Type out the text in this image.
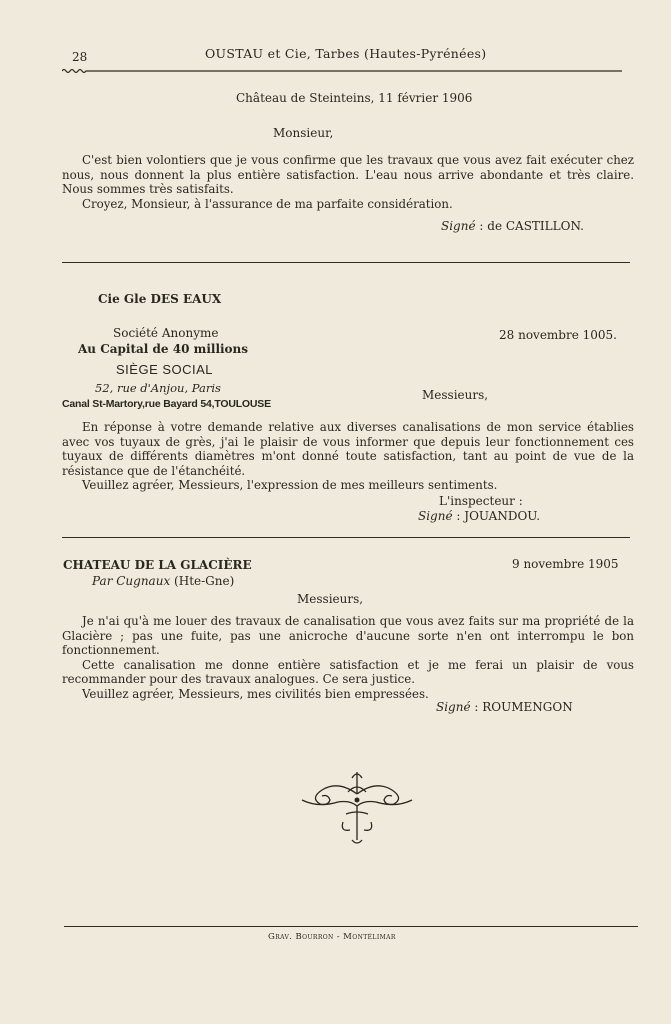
28	OUSTAU et Cie, Tarbes (Hautes-Pyrénées)
Château de Steinteins, 11 février 1906
Monsieur,

C'est bien volontiers que je vous confirme que les travaux que vous avez fait exécuter chez nous, nous donnent la plus entière satisfaction. L'eau nous arrive abondante et très claire. Nous sommes très satisfaits.
Croyez, Monsieur, à l'assurance de ma parfaite considération.

Signé : de CASTILLON.
Cie Gle DES EAUX
Société Anonyme
Au Capital de 40 millions
SIÈGE SOCIAL
52, rue d'Anjou, Paris
Canal St-Martory,rue Bayard 54,TOULOUSE
28 novembre 1005.
Messieurs,

En réponse à votre demande relative aux diverses canalisations de mon service établies avec vos tuyaux de grès, j'ai le plaisir de vous informer que depuis leur fonctionnement ces tuyaux de différents diamètres m'ont donné toute satisfaction, tant au point de vue de la résistance que de l'étanchéité.
Veuillez agréer, Messieurs, l'expression de mes meilleurs sentiments.

L'inspecteur :
Signé : JOUANDOU.
CHATEAU DE LA GLACIÈRE
Par Cugnaux (Hte-Gne)
9 novembre 1905
Messieurs,

Je n'ai qu'à me louer des travaux de canalisation que vous avez faits sur ma propriété de la Glacière ; pas une fuite, pas une anicroche d'aucune sorte n'en ont interrompu le bon fonctionnement.
Cette canalisation me donne entière satisfaction et je me ferai un plaisir de vous recommander pour des travaux analogues. Ce sera justice.
Veuillez agréer, Messieurs, mes civilités bien empressées.

Signé : ROUMENGON
Grav. Bourron - Montélimar
